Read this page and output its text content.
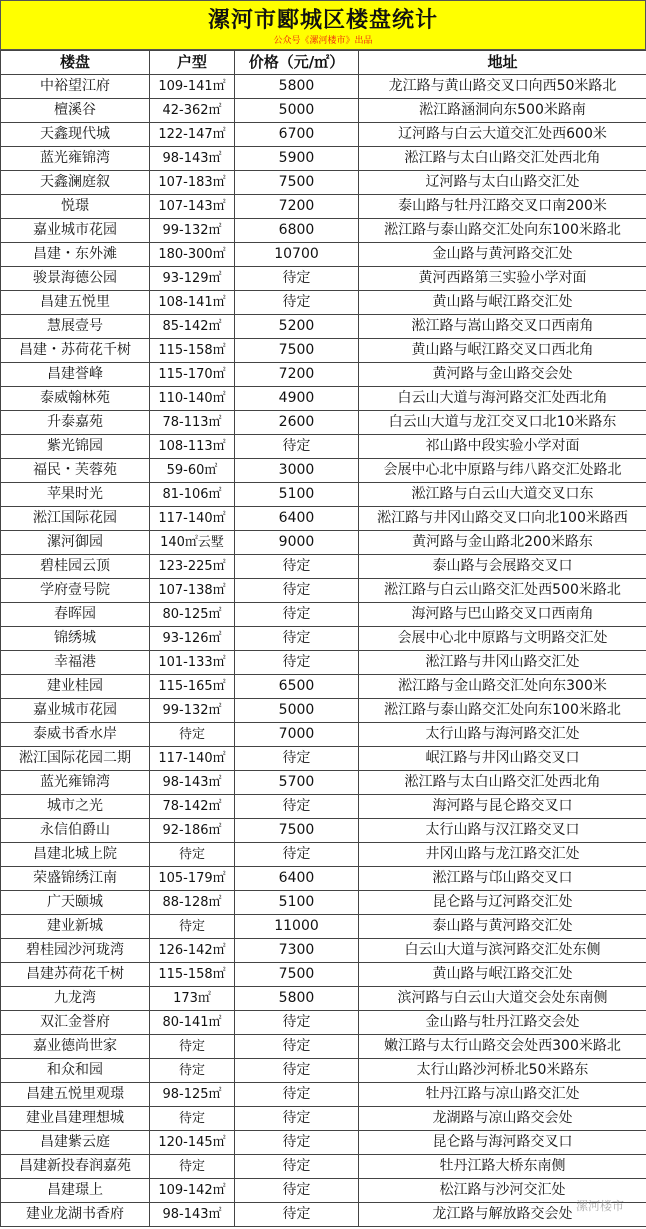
漯河市郾城区楼盘统计
公众号《漯河楼市》出品
楼盘	户型	价格（元/㎡）	地址
中裕望江府	109-141㎡	5800	龙江路与黄山路交叉口向西50米路北
檀溪谷	42-362㎡	5000	淞江路涵洞向东500米路南
天鑫现代城	122-147㎡	6700	辽河路与白云大道交汇处西600米
蓝光雍锦湾	98-143㎡	5900	淞江路与太白山路交汇处西北角
天鑫澜庭叙	107-183㎡	7500	辽河路与太白山路交汇处
悦璟	107-143㎡	7200	泰山路与牡丹江路交叉口南200米
嘉业城市花园	99-132㎡	6800	淞江路与泰山路交汇处向东100米路北
昌建・东外滩	180-300㎡	10700	金山路与黄河路交汇处
骏景海德公园	93-129㎡	待定	黄河西路第三实验小学对面
昌建五悦里	108-141㎡	待定	黄山路与岷江路交汇处
慧展壹号	85-142㎡	5200	淞江路与嵩山路交叉口西南角
昌建・苏荷花千树	115-158㎡	7500	黄山路与岷江路交叉口西北角
昌建誉峰	115-170㎡	7200	黄河路与金山路交会处
泰威翰林苑	110-140㎡	4900	白云山大道与海河路交汇处西北角
升泰嘉苑	78-113㎡	2600	白云山大道与龙江交叉口北10米路东
紫光锦园	108-113㎡	待定	祁山路中段实验小学对面
福民・芙蓉苑	59-60㎡	3000	会展中心北中原路与纬八路交汇处路北
苹果时光	81-106㎡	5100	淞江路与白云山大道交叉口东
淞江国际花园	117-140㎡	6400	淞江路与井冈山路交叉口向北100米路西
漯河御园	140㎡云墅	9000	黄河路与金山路北200米路东
碧桂园云顶	123-225㎡	待定	泰山路与会展路交叉口
学府壹号院	107-138㎡	待定	淞江路与白云山路交汇处西500米路北
春晖园	80-125㎡	待定	海河路与巴山路交叉口西南角
锦绣城	93-126㎡	待定	会展中心北中原路与文明路交汇处
幸福港	101-133㎡	待定	淞江路与井冈山路交汇处
建业桂园	115-165㎡	6500	淞江路与金山路交汇处向东300米
嘉业城市花园	99-132㎡	5000	淞江路与泰山路交汇处向东100米路北
泰威书香水岸	待定	7000	太行山路与海河路交汇处
淞江国际花园二期	117-140㎡	待定	岷江路与井冈山路交叉口
蓝光雍锦湾	98-143㎡	5700	淞江路与太白山路交汇处西北角
城市之光	78-142㎡	待定	海河路与昆仑路交叉口
永信伯爵山	92-186㎡	7500	太行山路与汉江路交叉口
昌建北城上院	待定	待定	井冈山路与龙江路交汇处
荣盛锦绣江南	105-179㎡	6400	淞江路与邙山路交叉口
广天颐城	88-128㎡	5100	昆仑路与辽河路交汇处
建业新城	待定	11000	泰山路与黄河路交汇处
碧桂园沙河珑湾	126-142㎡	7300	白云山大道与滨河路交汇处东侧
昌建苏荷花千树	115-158㎡	7500	黄山路与岷江路交汇处
九龙湾	173㎡	5800	滨河路与白云山大道交会处东南侧
双汇金誉府	80-141㎡	待定	金山路与牡丹江路交会处
嘉业德尚世家	待定	待定	嫩江路与太行山路交会处西300米路北
和众和园	待定	待定	太行山路沙河桥北50米路东
昌建五悦里观璟	98-125㎡	待定	牡丹江路与凉山路交汇处
建业昌建理想城	待定	待定	龙湖路与凉山路交会处
昌建紫云庭	120-145㎡	待定	昆仑路与海河路交叉口
昌建新投春润嘉苑	待定	待定	牡丹江路大桥东南侧
昌建璟上	109-142㎡	待定	松江路与沙河交汇处
建业龙湖书香府	98-143㎡	待定	龙江路与解放路交会处 漯河楼市
